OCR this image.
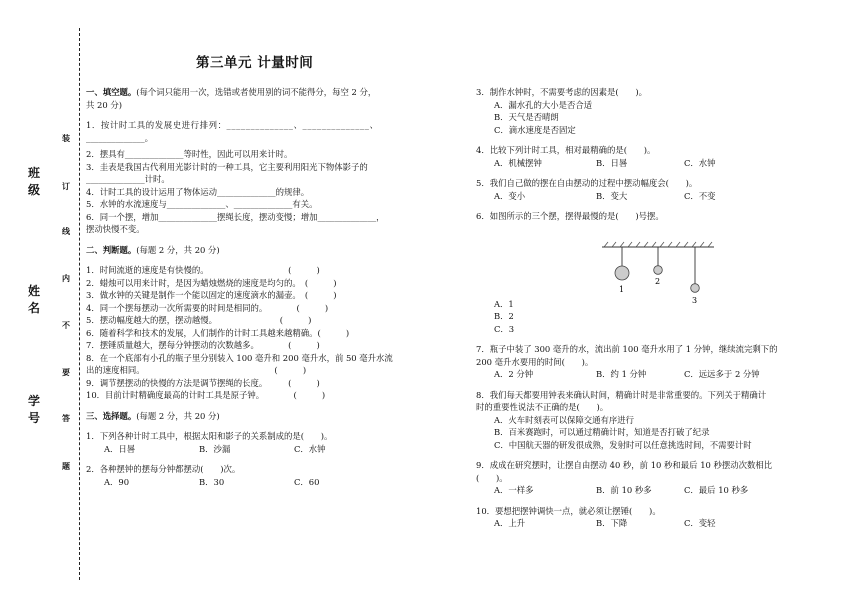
装
订
线
内
不
要
答
题
班
级
姓
名
学
号
第三单元 计量时间

一、填空题。(每个词只能用一次，选错或者使用别的词不能得分，每空 2 分，

共 20 分)

1．按计时工具的发展史进行排列：______________、______________、

______________。

2．摆具有______________等时性，因此可以用来计时。

3．圭表是我国古代利用光影计时的一种工具，它主要利用阳光下物体影子的

______________计时。

4．计时工具的设计运用了物体运动______________的规律。

5．水钟的水流速度与______________、______________有关。

6．同一个摆，增加______________摆绳长度，摆动变慢；增加______________，

摆动快慢不变。

二、判断题。(每题 2 分，共 20 分)

1．时间流逝的速度是有快慢的。　　　　　　　　　　(　　　)

2．蜡烛可以用来计时，是因为蜡烛燃烧的速度是均匀的。　(　　　)

3．做水钟的关键是制作一个能以固定的速度滴水的漏壶。　(　　　)

4．同一个摆每摆动一次所需要的时间是相同的。　　　　(　　　)

5．摆动幅度越大的摆，摆动越慢。　　　　　　　　(　　　)

6．随着科学和技术的发展，人们制作的计时工具越来越精确。(　　　)

7．摆锤质量越大，摆每分钟摆动的次数越多。　　　　(　　　)

8．在一个底部有小孔的瓶子里分别装入 100 毫升和 200 毫升水，前 50 毫升水流

出的速度相同。　　　　　　　　　　　　　　　　(　　　)

9．调节摆摆动的快慢的方法是调节摆绳的长度。　　　(　　　)

10．目前计时精确度最高的计时工具是原子钟。　　　　(　　　)

三、选择题。(每题 2 分，共 20 分)

1．下列各种计时工具中，根据太阳和影子的关系制成的是(　　)。

A．日晷	B．沙漏	C．水钟

2．各种摆钟的摆每分钟都摆动(　　)次。

A．90	B．30	C．60

3．制作水钟时，不需要考虑的因素是(　　)。

A．漏水孔的大小是否合适

B．天气是否晴朗

C．滴水速度是否固定

4．比较下列计时工具，相对最精确的是(　　)。

A．机械摆钟	B．日晷	C．水钟

5．我们自己做的摆在自由摆动的过程中摆动幅度会(　　)。

A．变小	B．变大	C．不变

6．如图所示的三个摆，摆得最慢的是(　　)号摆。

A．1

B．2

C．3

7．瓶子中装了 300 毫升的水，流出前 100 毫升水用了 1 分钟，继续流完剩下的

200 毫升水要用的时间(　　)。

A．2 分钟	B．约 1 分钟	C．远远多于 2 分钟

8．我们每天都要用钟表来确认时间，精确计时是非常重要的。下列关于精确计

时的重要性说法不正确的是(　　)。

A．火车时刻表可以保障交通有序进行

B．百米赛跑时，可以通过精确计时，知道是否打破了纪录

C．中国航天器的研发很成熟，发射时可以任意挑选时间，不需要计时

9．成成在研究摆时，让摆自由摆动 40 秒，前 10 秒和最后 10 秒摆动次数相比

(　　)。

A．一样多	B．前 10 秒多	C．最后 10 秒多

10．要想把摆钟调快一点，就必须让摆锤(　　)。

A．上升	B．下降	C．变轻

1
2
3
